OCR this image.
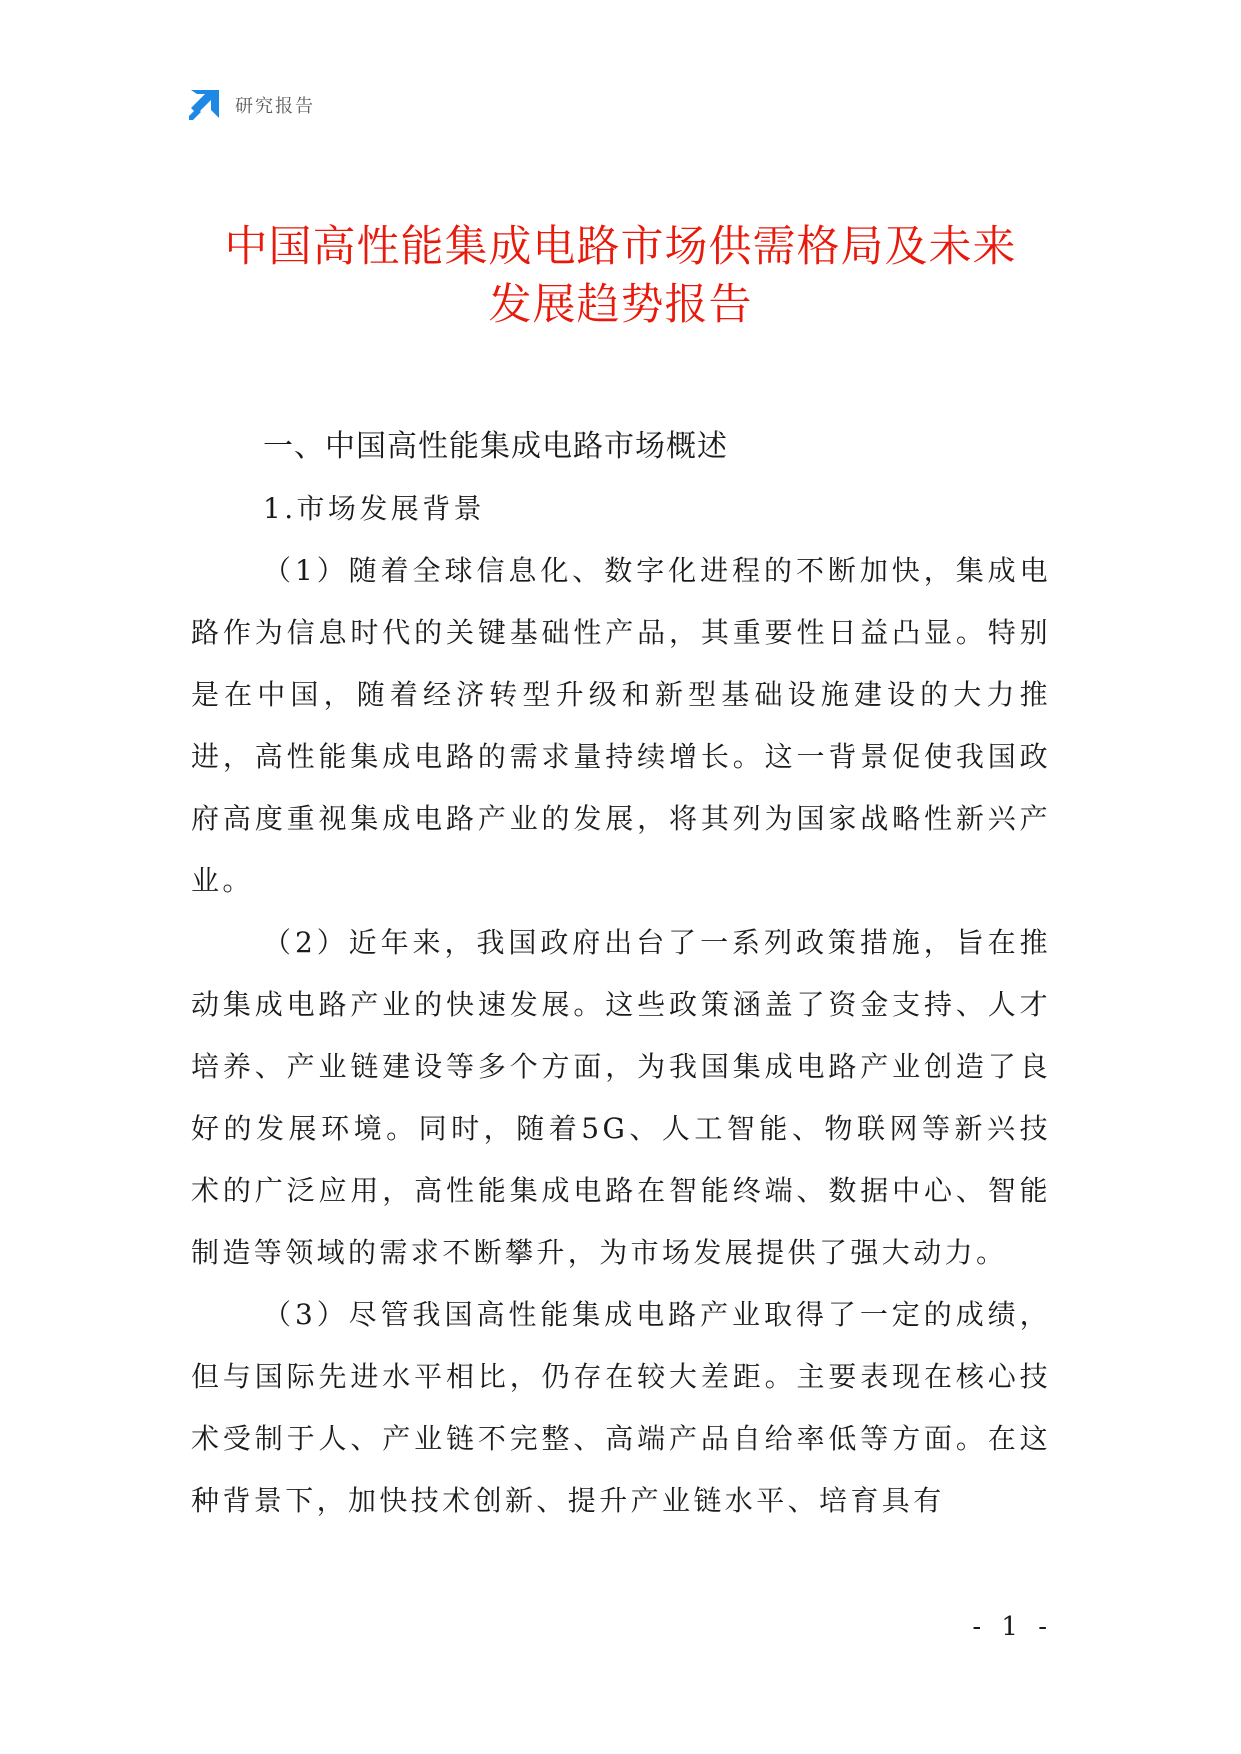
研究报告
中国高性能集成电路市场供需格局及未来
发展趋势报告

一、中国高性能集成电路市场概述

1.市场发展背景

（1）随着全球信息化、数字化进程的不断加快，集成电路作为信息时代的关键基础性产品，其重要性日益凸显。特别是在中国，随着经济转型升级和新型基础设施建设的大力推进，高性能集成电路的需求量持续增长。这一背景促使我国政府高度重视集成电路产业的发展，将其列为国家战略性新兴产业。

（2）近年来，我国政府出台了一系列政策措施，旨在推动集成电路产业的快速发展。这些政策涵盖了资金支持、人才培养、产业链建设等多个方面，为我国集成电路产业创造了良好的发展环境。同时，随着5G、人工智能、物联网等新兴技术的广泛应用，高性能集成电路在智能终端、数据中心、智能制造等领域的需求不断攀升，为市场发展提供了强大动力。

（3）尽管我国高性能集成电路产业取得了一定的成绩，但与国际先进水平相比，仍存在较大差距。主要表现在核心技术受制于人、产业链不完整、高端产品自给率低等方面。在这种背景下，加快技术创新、提升产业链水平、培育具有

- 1 -
